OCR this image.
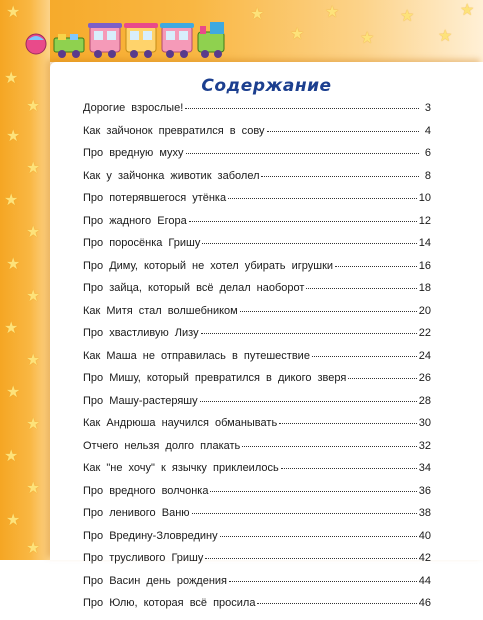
★	★
★
★
★
★
★
★
★
★
★
★
★
★
★
★
★
★
★
★
★
★
★
★
Содержание
Дорогие взрослые!	3
Как зайчонок превратился в сову	4
Про вредную муху	6
Как у зайчонка животик заболел	8
Про потерявшегося утёнка	10
Про жадного Егора	12
Про поросёнка Гришу	14
Про Диму, который не хотел убирать игрушки	16
Про зайца, который всё делал наоборот	18
Как Митя стал волшебником	20
Про хвастливую Лизу	22
Как Маша не отправилась в путешествие	24
Про Мишу, который превратился в дикого зверя	26
Про Машу-растеряшу	28
Как Андрюша научился обманывать	30
Отчего нельзя долго плакать	32
Как "не хочу" к язычку приклеилось	34
Про вредного волчонка	36
Про ленивого Ваню	38
Про Вредину-Зловредину	40
Про трусливого Гришу	42
Про Васин день рождения	44
Про Юлю, которая всё просила	46
